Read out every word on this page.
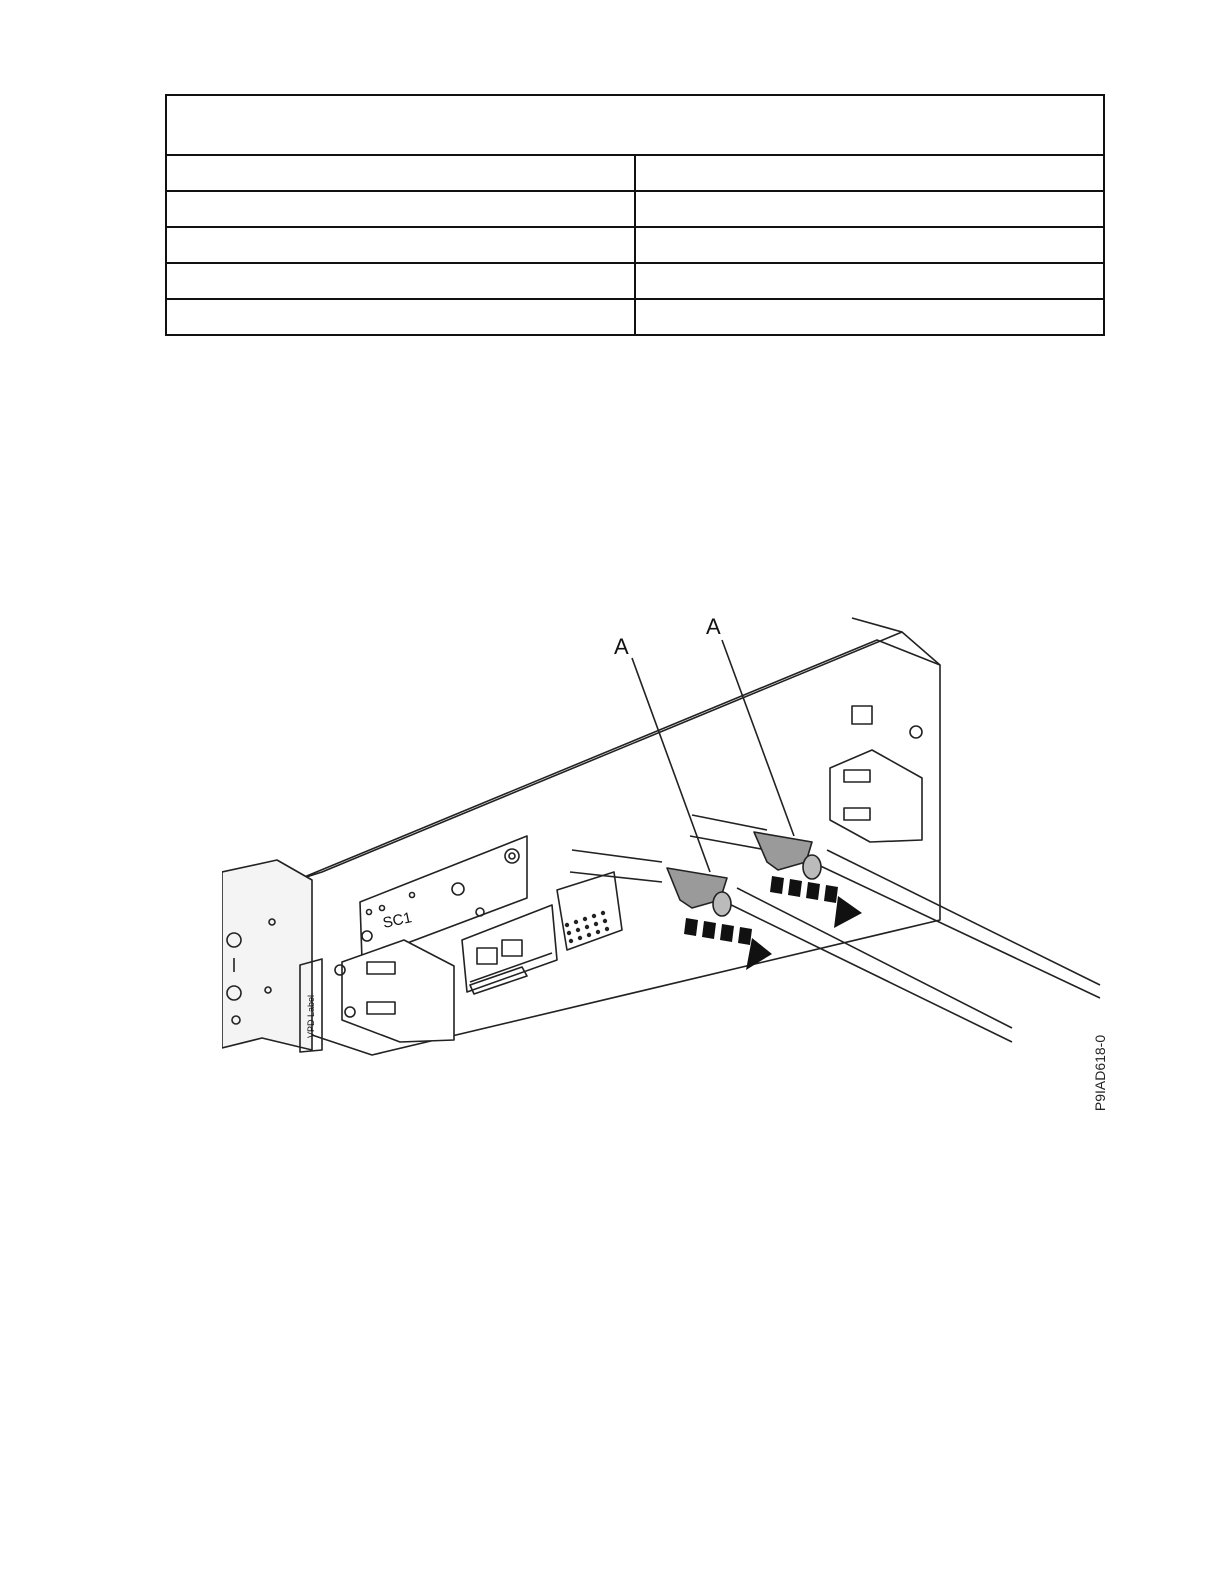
A
A
SC1
VPD Label
P9IAD618-0
